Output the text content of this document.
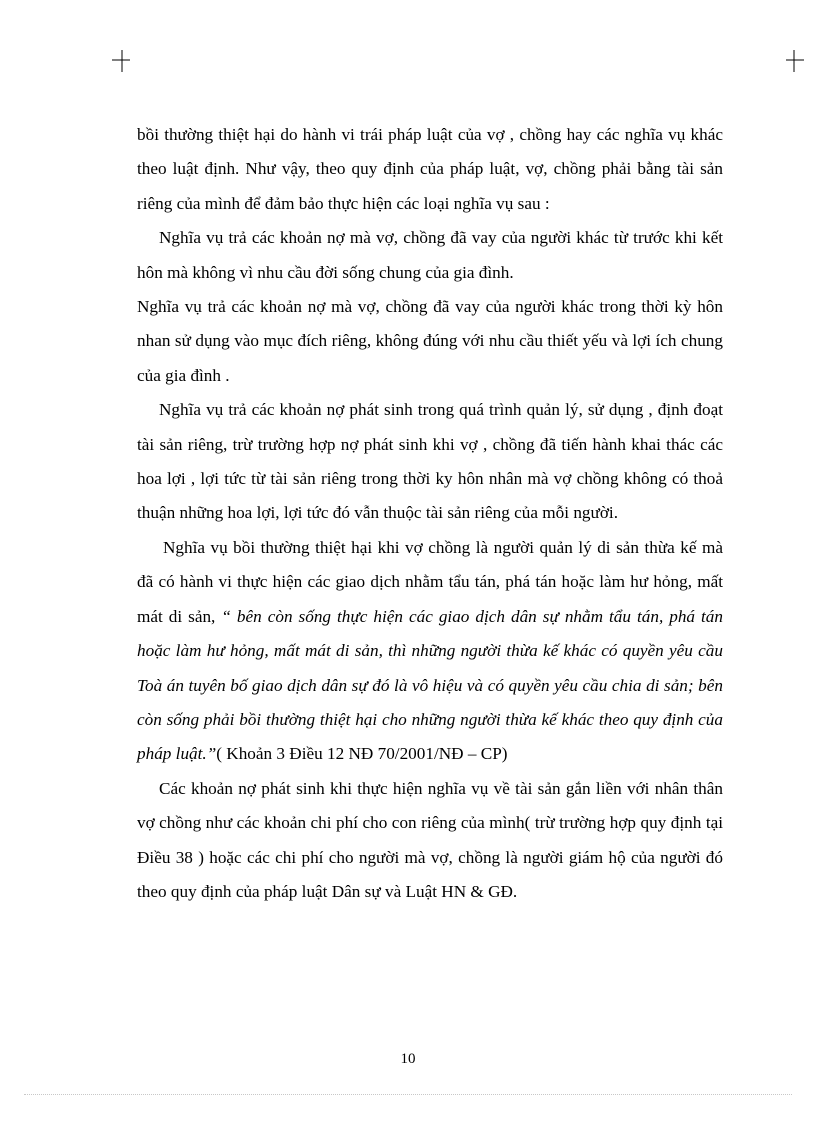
bồi thường thiệt hại do hành vi trái pháp luật của vợ , chồng hay các nghĩa vụ khác theo luật định. Như vậy, theo quy định của pháp luật, vợ, chồng phải bằng tài sản riêng của mình để đảm bảo thực hiện các loại nghĩa vụ sau :

Nghĩa vụ trả các khoản nợ mà vợ, chồng đã vay của người khác từ trước khi kết hôn mà không vì nhu cầu đời sống chung của gia đình.

Nghĩa vụ trả các khoản nợ mà vợ, chồng đã vay của người khác trong thời kỳ hôn nhan sử dụng vào mục đích riêng, không đúng với nhu cầu thiết yếu và lợi ích chung của gia đình .

Nghĩa vụ trả các khoản nợ phát sinh trong quá trình quản lý, sử dụng , định đoạt tài sản riêng, trừ trường hợp nợ phát sinh khi vợ , chồng đã tiến hành khai thác các hoa lợi , lợi tức từ tài sản riêng trong thời ky hôn nhân mà vợ chồng không có thoả thuận những hoa lợi, lợi tức đó vẫn thuộc tài sản riêng của mỗi người.

Nghĩa vụ bồi thường thiệt hại khi vợ chồng là người quản lý di sản thừa kế mà đã có hành vi thực hiện các giao dịch nhằm tẩu tán, phá tán hoặc làm hư hỏng, mất mát di sản, “ bên còn sống thực hiện các giao dịch dân sự nhằm tẩu tán, phá tán hoặc làm hư hỏng, mất mát di sản, thì những người thừa kế khác có quyền yêu cầu Toà án tuyên bố giao dịch dân sự đó là vô hiệu và có quyền yêu cầu chia di sản; bên còn sống phải bồi thường thiệt hại cho những người thừa kế khác theo quy định của pháp luật.”( Khoản 3 Điều 12 NĐ 70/2001/NĐ – CP)

Các khoản nợ phát sinh khi thực hiện nghĩa vụ về tài sản gắn liền với nhân thân vợ chồng như các khoản chi phí cho con riêng của mình( trừ trường hợp quy định tại Điều 38 ) hoặc các chi phí cho người mà vợ, chồng là người giám hộ của người đó theo quy định của pháp luật Dân sự và Luật HN & GĐ.

10
